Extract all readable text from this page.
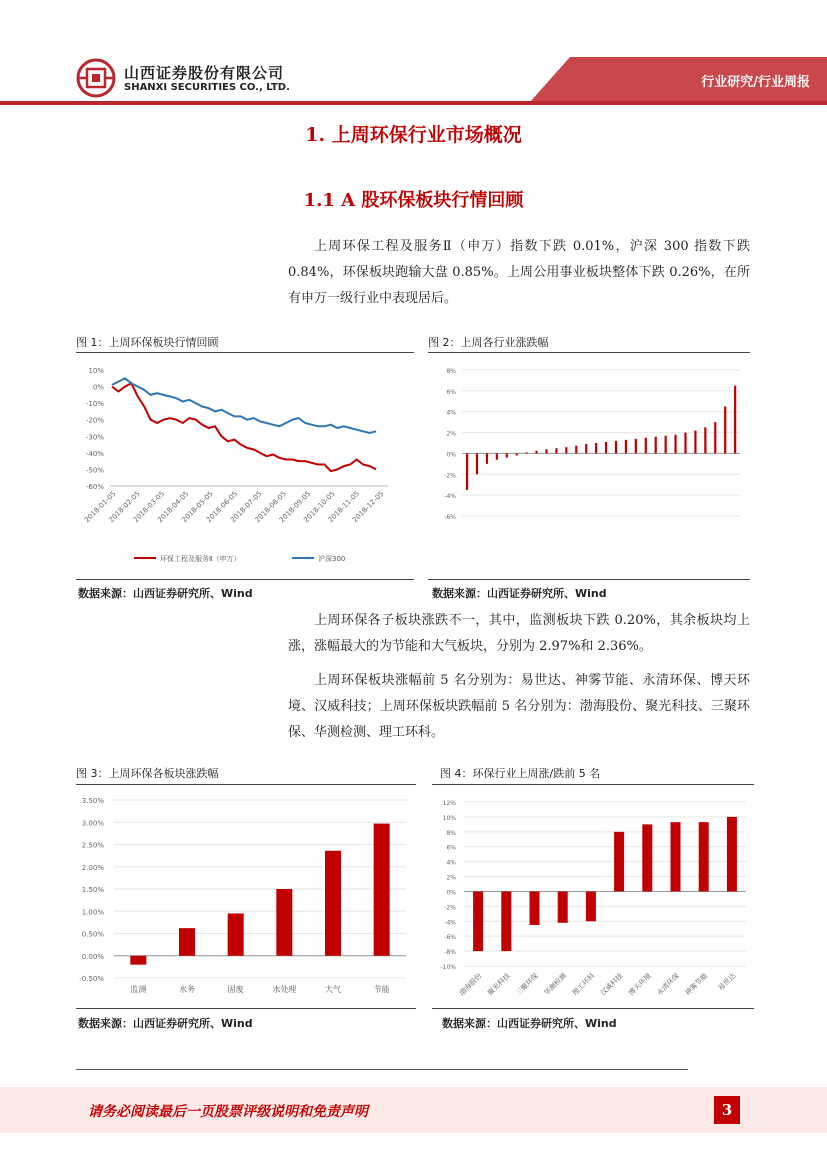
山西证券股份有限公司
SHANXI SECURITIES CO., LTD.	行业研究/行业周报
1. 上周环保行业市场概况
1.1 A 股环保板块行情回顾
上周环保工程及服务Ⅱ（申万）指数下跌 0.01%，沪深 300 指数下跌 0.84%，环保板块跑输大盘 0.85%。上周公用事业板块整体下跌 0.26%，在所有申万一级行业中表现居后。
图 1：上周环保板块行情回顾
10%
0%
-10%
-20%
-30%
-40%
-50%
-60%
2018-01-05
2018-02-05
2018-03-05
2018-04-05
2018-05-05
2018-06-05
2018-07-05
2018-08-05
2018-09-05
2018-10-05
2018-11-05
2018-12-05
环保工程及服务Ⅱ（申万）	沪深300
数据来源：山西证券研究所、Wind
图 2：上周各行业涨跌幅
8%
6%
4%
2%
0%
-2%
-4%
-6%
数据来源：山西证券研究所、Wind
上周环保各子板块涨跌不一，其中，监测板块下跌 0.20%，其余板块均上涨，涨幅最大的为节能和大气板块，分别为 2.97%和 2.36%。
上周环保板块涨幅前 5 名分别为：易世达、神雾节能、永清环保、博天环境、汉威科技；上周环保板块跌幅前 5 名分别为：渤海股份、聚光科技、三聚环保、华测检测、理工环科。
图 3：上周环保各板块涨跌幅
3.50%
3.00%
2.50%
2.00%
1.50%
1.00%
0.50%
0.00%
-0.50%
监测	水务	固废	水处理	大气	节能
数据来源：山西证券研究所、Wind
图 4：环保行业上周涨/跌前 5 名
12%
10%
8%
6%
4%
2%
0%
-2%
-4%
-6%
-8%
-10%
渤海股份 聚光科技 三聚环保 华测检测 理工环科 汉威科技 博天环境 永清环保 神雾节能 易世达
数据来源：山西证券研究所、Wind
请务必阅读最后一页股票评级说明和免责声明	3
